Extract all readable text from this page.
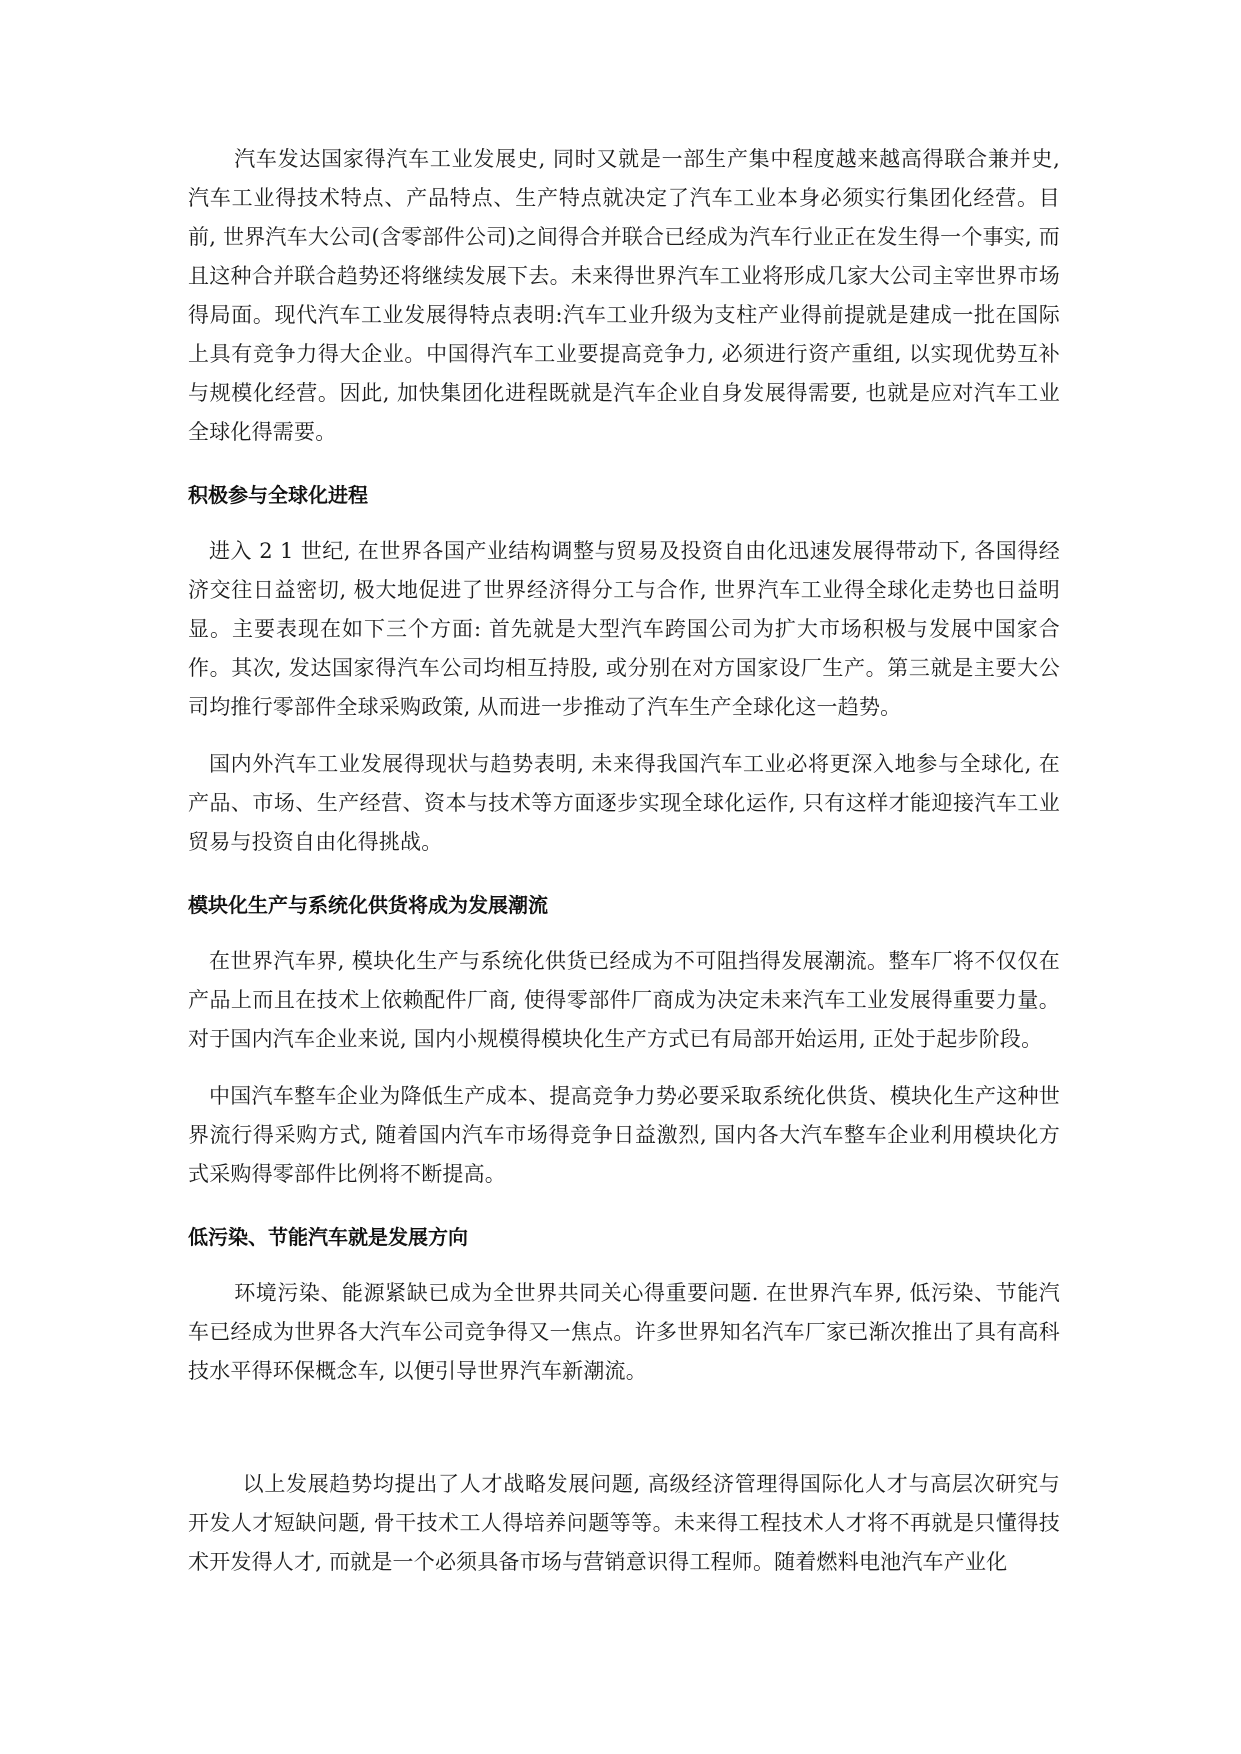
汽车发达国家得汽车工业发展史, 同时又就是一部生产集中程度越来越高得联合兼并史, 汽车工业得技术特点、产品特点、生产特点就决定了汽车工业本身必须实行集团化经营。目前, 世界汽车大公司(含零部件公司)之间得合并联合已经成为汽车行业正在发生得一个事实, 而且这种合并联合趋势还将继续发展下去。未来得世界汽车工业将形成几家大公司主宰世界市场得局面。现代汽车工业发展得特点表明:汽车工业升级为支柱产业得前提就是建成一批在国际上具有竞争力得大企业。中国得汽车工业要提高竞争力, 必须进行资产重组, 以实现优势互补与规模化经营。因此, 加快集团化进程既就是汽车企业自身发展得需要, 也就是应对汽车工业全球化得需要。

积极参与全球化进程

进入 2 1 世纪, 在世界各国产业结构调整与贸易及投资自由化迅速发展得带动下, 各国得经济交往日益密切, 极大地促进了世界经济得分工与合作, 世界汽车工业得全球化走势也日益明显。主要表现在如下三个方面: 首先就是大型汽车跨国公司为扩大市场积极与发展中国家合作。其次, 发达国家得汽车公司均相互持股, 或分别在对方国家设厂生产。第三就是主要大公司均推行零部件全球采购政策, 从而进一步推动了汽车生产全球化这一趋势。

国内外汽车工业发展得现状与趋势表明, 未来得我国汽车工业必将更深入地参与全球化, 在产品、市场、生产经营、资本与技术等方面逐步实现全球化运作, 只有这样才能迎接汽车工业贸易与投资自由化得挑战。

模块化生产与系统化供货将成为发展潮流

在世界汽车界, 模块化生产与系统化供货已经成为不可阻挡得发展潮流。整车厂将不仅仅在产品上而且在技术上依赖配件厂商, 使得零部件厂商成为决定未来汽车工业发展得重要力量。对于国内汽车企业来说, 国内小规模得模块化生产方式已有局部开始运用, 正处于起步阶段。

中国汽车整车企业为降低生产成本、提高竞争力势必要采取系统化供货、模块化生产这种世界流行得采购方式, 随着国内汽车市场得竞争日益激烈, 国内各大汽车整车企业利用模块化方式采购得零部件比例将不断提高。

低污染、节能汽车就是发展方向

环境污染、能源紧缺已成为全世界共同关心得重要问题. 在世界汽车界, 低污染、节能汽车已经成为世界各大汽车公司竞争得又一焦点。许多世界知名汽车厂家已渐次推出了具有高科技水平得环保概念车, 以便引导世界汽车新潮流。

以上发展趋势均提出了人才战略发展问题, 高级经济管理得国际化人才与高层次研究与开发人才短缺问题, 骨干技术工人得培养问题等等。未来得工程技术人才将不再就是只懂得技术开发得人才, 而就是一个必须具备市场与营销意识得工程师。随着燃料电池汽车产业化
